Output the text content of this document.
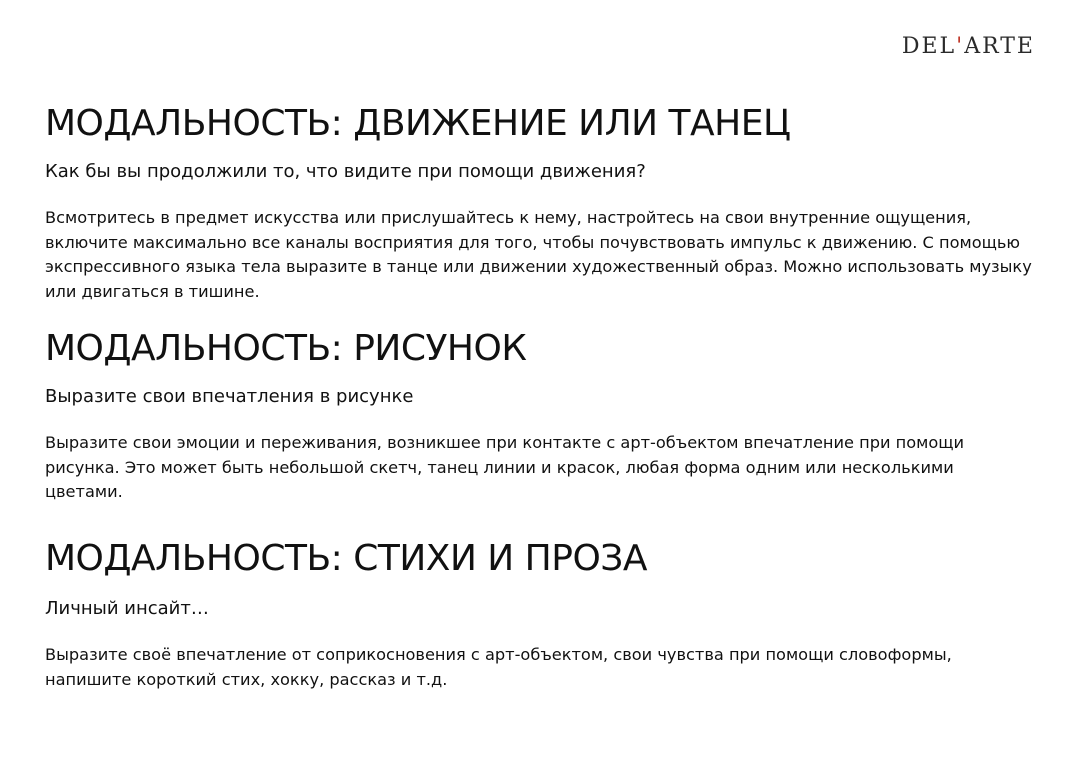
DEL'ARTE
МОДАЛЬНОСТЬ: ДВИЖЕНИЕ ИЛИ ТАНЕЦ

Как бы вы продолжили то, что видите при помощи движения?

Всмотритесь в предмет искусства или прислушайтесь к нему, настройтесь на свои внутренние ощущения, включите максимально все каналы восприятия для того, чтобы почувствовать импульс к движению. С помощью экспрессивного языка тела выразите в танце или движении художественный образ. Можно использовать музыку или двигаться в тишине.

МОДАЛЬНОСТЬ: РИСУНОК

Выразите свои впечатления в рисунке

Выразите свои эмоции и переживания, возникшее при контакте с арт-объектом впечатление при помощи рисунка. Это может быть небольшой скетч, танец линии и красок, любая форма одним или несколькими цветами.

МОДАЛЬНОСТЬ: СТИХИ И ПРОЗА

Личный инсайт…

Выразите своё впечатление от соприкосновения с арт-объектом, свои чувства при помощи словоформы, напишите короткий стих, хокку, рассказ и т.д.
